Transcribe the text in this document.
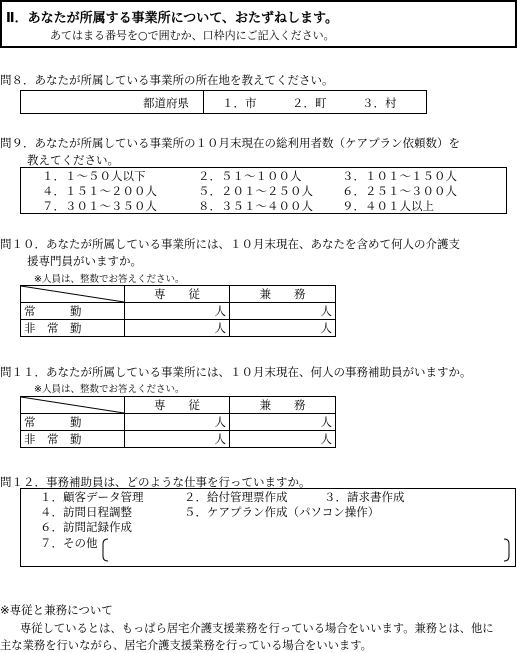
Ⅱ．あなたが所属する事業所について、おたずねします。
あてはまる番号を○で囲むか、口枠内にご記入ください。
問８．あなたが所属している事業所の所在地を教えてください。
都道府県	１．市	２．町	３．村
問９．あなたが所属している事業所の１０月末現在の総利用者数（ケアプラン依頼数）を
教えてください。
１．１～５０人以下	２．５１～１００人	３．１０１～１５０人
４．１５１～２００人	５．２０１～２５０人	６．２５１～３００人
７．３０１～３５０人	８．３５１～４００人	９．４０１人以上
問１０．あなたが所属している事業所には、１０月末現在、あなたを含めて何人の介護支
援専門員がいますか。
※人員は、整数でお答えください。
	専　　従	兼　　務
常　　　勤	人	人
非　常　勤	人	人
問１１．あなたが所属している事業所には、１０月末現在、何人の事務補助員がいますか。
※人員は、整数でお答えください。
	専　　従	兼　　務
常　　　勤	人	人
非　常　勤	人	人
問１２．事務補助員は、どのような仕事を行っていますか。
１．顧客データ管理	２．給付管理票作成	３．請求書作成
４．訪問日程調整	５．ケアプラン作成（パソコン操作）
６．訪問記録作成
７．その他
※専従と兼務について
専従しているとは、もっぱら居宅介護支援業務を行っている場合をいいます。兼務とは、他に
主な業務を行いながら、居宅介護支援業務を行っている場合をいいます。
